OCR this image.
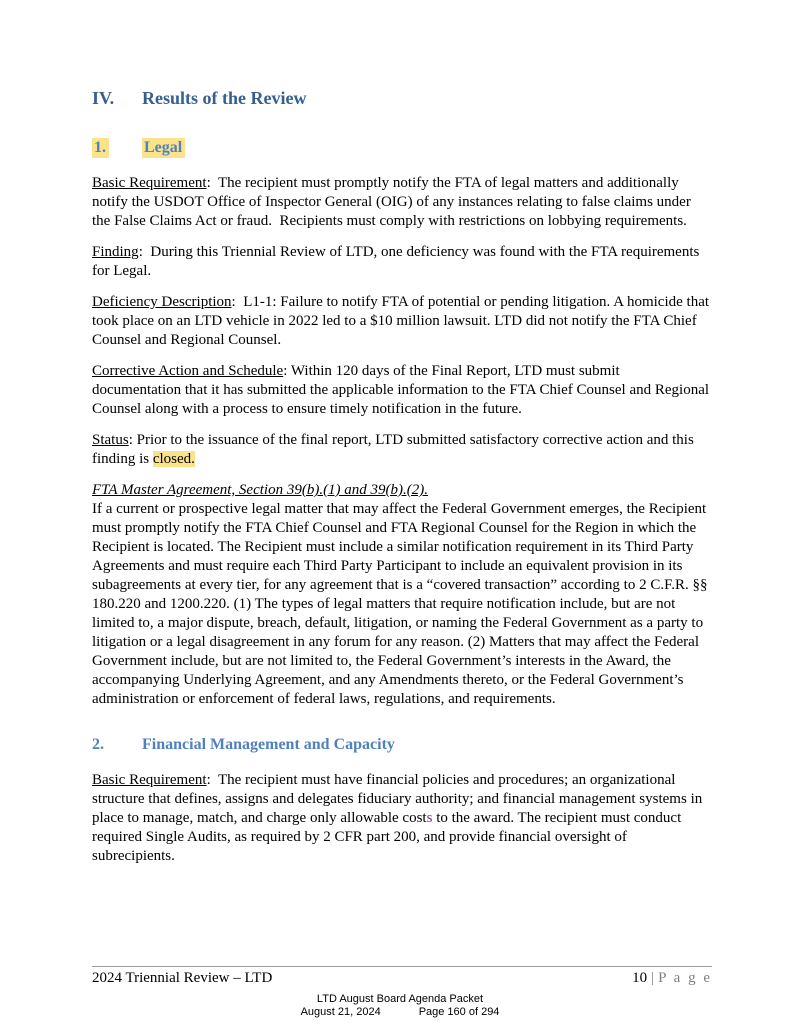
IV. Results of the Review
1. Legal

Basic Requirement:  The recipient must promptly notify the FTA of legal matters and additionally notify the USDOT Office of Inspector General (OIG) of any instances relating to false claims under the False Claims Act or fraud.  Recipients must comply with restrictions on lobbying requirements.

Finding:  During this Triennial Review of LTD, one deficiency was found with the FTA requirements for Legal.

Deficiency Description:  L1-1: Failure to notify FTA of potential or pending litigation. A homicide that took place on an LTD vehicle in 2022 led to a $10 million lawsuit. LTD did not notify the FTA Chief Counsel and Regional Counsel.

Corrective Action and Schedule: Within 120 days of the Final Report, LTD must submit documentation that it has submitted the applicable information to the FTA Chief Counsel and Regional Counsel along with a process to ensure timely notification in the future.

Status: Prior to the issuance of the final report, LTD submitted satisfactory corrective action and this finding is closed.

FTA Master Agreement, Section 39(b).(1) and 39(b).(2).

If a current or prospective legal matter that may affect the Federal Government emerges, the Recipient must promptly notify the FTA Chief Counsel and FTA Regional Counsel for the Region in which the Recipient is located. The Recipient must include a similar notification requirement in its Third Party Agreements and must require each Third Party Participant to include an equivalent provision in its subagreements at every tier, for any agreement that is a “covered transaction” according to 2 C.F.R. §§ 180.220 and 1200.220. (1) The types of legal matters that require notification include, but are not limited to, a major dispute, breach, default, litigation, or naming the Federal Government as a party to litigation or a legal disagreement in any forum for any reason. (2) Matters that may affect the Federal Government include, but are not limited to, the Federal Government’s interests in the Award, the accompanying Underlying Agreement, and any Amendments thereto, or the Federal Government’s administration or enforcement of federal laws, regulations, and requirements.

2. Financial Management and Capacity

Basic Requirement:  The recipient must have financial policies and procedures; an organizational structure that defines, assigns and delegates fiduciary authority; and financial management systems in place to manage, match, and charge only allowable costs to the award. The recipient must conduct required Single Audits, as required by 2 CFR part 200, and provide financial oversight of subrecipients.

2024 Triennial Review – LTD	10 | P a g e
LTD August Board Agenda Packet
August 21, 2024	Page 160 of 294
